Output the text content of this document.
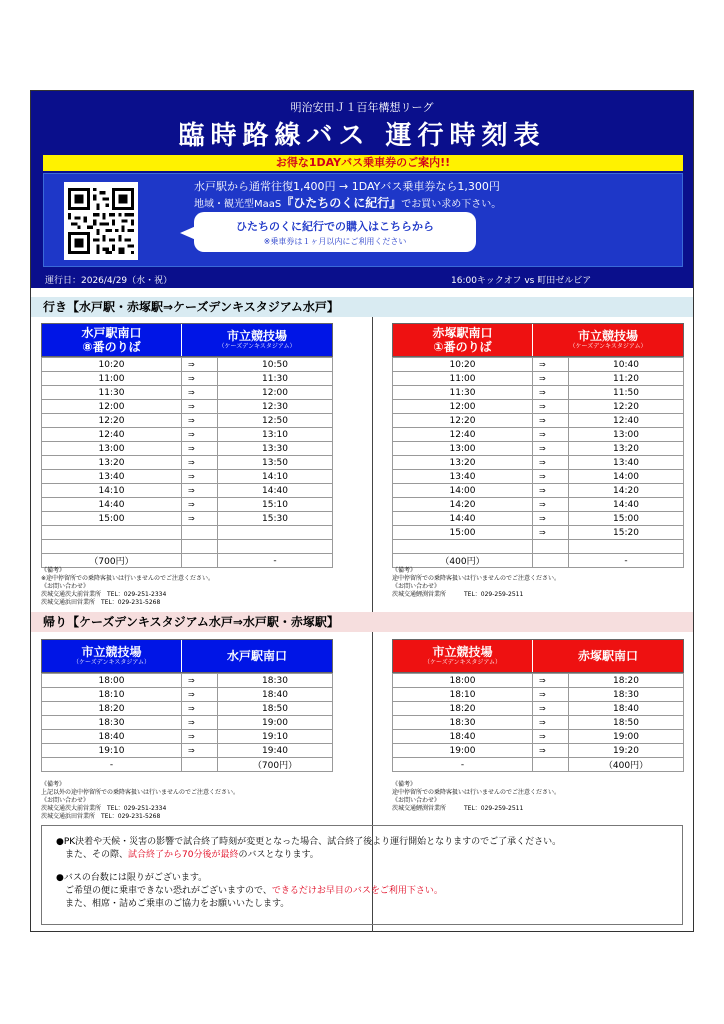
明治安田Ｊ１百年構想リーグ
臨時路線バス 運行時刻表
お得な1DAYバス乗車券のご案内!!
水戸駅から通常往復1,400円 → 1DAYバス乗車券なら1,300円
地域・観光型MaaS『ひたちのくに紀行』でお買い求め下さい。
ひたちのくに紀行での購入はこちらから
※乗車券は１ヶ月以内にご利用ください
運行日：2026/4/29（水・祝）	16:00キックオフ vs 町田ゼルビア
行き【水戸駅・赤塚駅⇒ケーズデンキスタジアム水戸】
水戸駅南口
⑧番のりば
市立競技場
（ケーズデンキスタジアム）
10:20	⇒	10:50
11:00	⇒	11:30
11:30	⇒	12:00
12:00	⇒	12:30
12:20	⇒	12:50
12:40	⇒	13:10
13:00	⇒	13:30
13:20	⇒	13:50
13:40	⇒	14:10
14:10	⇒	14:40
14:40	⇒	15:10
15:00	⇒	15:30

（700円）		-
赤塚駅南口
①番のりば
市立競技場
（ケーズデンキスタジアム）
10:20	⇒	10:40
11:00	⇒	11:20
11:30	⇒	11:50
12:00	⇒	12:20
12:20	⇒	12:40
12:40	⇒	13:00
13:00	⇒	13:20
13:20	⇒	13:40
13:40	⇒	14:00
14:00	⇒	14:20
14:20	⇒	14:40
14:40	⇒	15:00
15:00	⇒	15:20

（400円）		-
《備考》
※途中停留所での乗降客扱いは行いませんのでご注意ください。
《お問い合わせ》
茨城交通茨大前営業所　TEL：029-251-2334
茨城交通浜田営業所　TEL：029-231-5268
《備考》
途中停留所での乗降客扱いは行いませんのでご注意ください。
《お問い合わせ》
茨城交通鯉渕営業所　　　TEL：029-259-2511
帰り【ケーズデンキスタジアム水戸⇒水戸駅・赤塚駅】
市立競技場
（ケーズデンキスタジアム）	水戸駅南口
18:00	⇒	18:30
18:10	⇒	18:40
18:20	⇒	18:50
18:30	⇒	19:00
18:40	⇒	19:10
19:10	⇒	19:40
-		（700円）
市立競技場
（ケーズデンキスタジアム）	赤塚駅南口
18:00	⇒	18:20
18:10	⇒	18:30
18:20	⇒	18:40
18:30	⇒	18:50
18:40	⇒	19:00
19:00	⇒	19:20
-		（400円）
《備考》
上記以外の途中停留所での乗降客扱いは行いませんのでご注意ください。
《お問い合わせ》
茨城交通茨大前営業所　TEL：029-251-2334
茨城交通浜田営業所　TEL：029-231-5268
《備考》
途中停留所での乗降客扱いは行いませんのでご注意ください。
《お問い合わせ》
茨城交通鯉渕営業所　　　TEL：029-259-2511
●PK決着や天候・災害の影響で試合終了時刻が変更となった場合、試合終了後より運行開始となりますのでご了承ください。
　また、その際、試合終了から70分後が最終のバスとなります。
●バスの台数には限りがございます。
　ご希望の便に乗車できない恐れがございますので、できるだけお早目のバスをご利用下さい。
　また、相席・詰めご乗車のご協力をお願いいたします。
